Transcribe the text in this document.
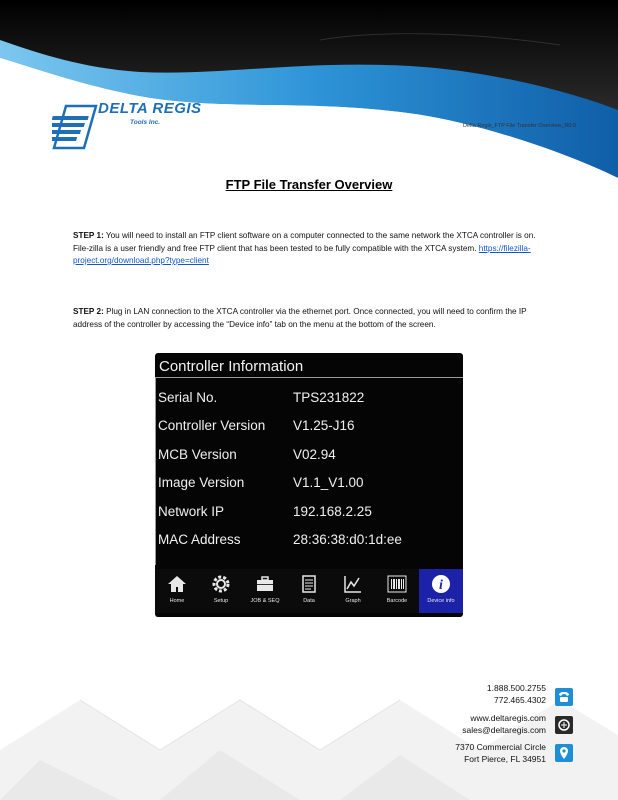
DELTA REGIS
Tools Inc.	Delta Regis_FTP File Transfer Overview_R0.0
FTP File Transfer Overview
STEP 1: You will need to install an FTP client software on a computer connected to the same network the XTCA controller is on. File-zilla is a user friendly and free FTP client that has been tested to be fully compatible with the XTCA system. https://filezilla-project.org/download.php?type=client
STEP 2: Plug in LAN connection to the XTCA controller via the ethernet port. Once connected, you will need to confirm the IP address of the controller by accessing the “Device info” tab on the menu at the bottom of the screen.
Controller Information
Serial No.	TPS231822
Controller Version V1.25-J16
MCB Version	V02.94
Image Version	V1.1_V1.00
Network IP	192.168.2.25
MAC Address	28:36:38:d0:1d:ee
Home	Setup	JOB & SEQ	Data	Graph	Barcode
i
Device info
1.888.500.2755
772.465.4302
www.deltaregis.com
sales@deltaregis.com
7370 Commercial Circle
Fort Pierce, FL 34951
